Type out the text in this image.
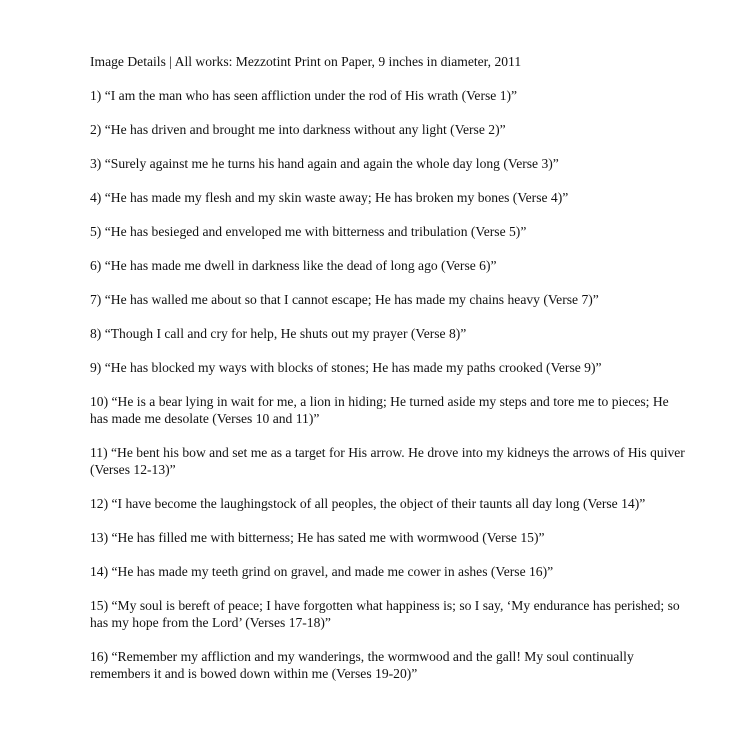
Image Details | All works: Mezzotint Print on Paper, 9 inches in diameter, 2011

1) “I am the man who has seen affliction under the rod of His wrath (Verse 1)”

2) “He has driven and brought me into darkness without any light (Verse 2)”

3) “Surely against me he turns his hand again and again the whole day long (Verse 3)”

4) “He has made my flesh and my skin waste away; He has broken my bones (Verse 4)”

5) “He has besieged and enveloped me with bitterness and tribulation (Verse 5)”

6) “He has made me dwell in darkness like the dead of long ago (Verse 6)”

7) “He has walled me about so that I cannot escape; He has made my chains heavy (Verse 7)”

8) “Though I call and cry for help, He shuts out my prayer (Verse 8)”

9) “He has blocked my ways with blocks of stones; He has made my paths crooked (Verse 9)”

10) “He is a bear lying in wait for me, a lion in hiding; He turned aside my steps and tore me to pieces; He has made me desolate (Verses 10 and 11)”

11) “He bent his bow and set me as a target for His arrow. He drove into my kidneys the arrows of His quiver (Verses 12-13)”

12) “I have become the laughingstock of all peoples, the object of their taunts all day long (Verse 14)”

13) “He has filled me with bitterness; He has sated me with wormwood (Verse 15)”

14) “He has made my teeth grind on gravel, and made me cower in ashes (Verse 16)”

15) “My soul is bereft of peace; I have forgotten what happiness is; so I say, ‘My endurance has perished; so has my hope from the Lord’ (Verses 17-18)”

16) “Remember my affliction and my wanderings, the wormwood and the gall! My soul continually remembers it and is bowed down within me (Verses 19-20)”
